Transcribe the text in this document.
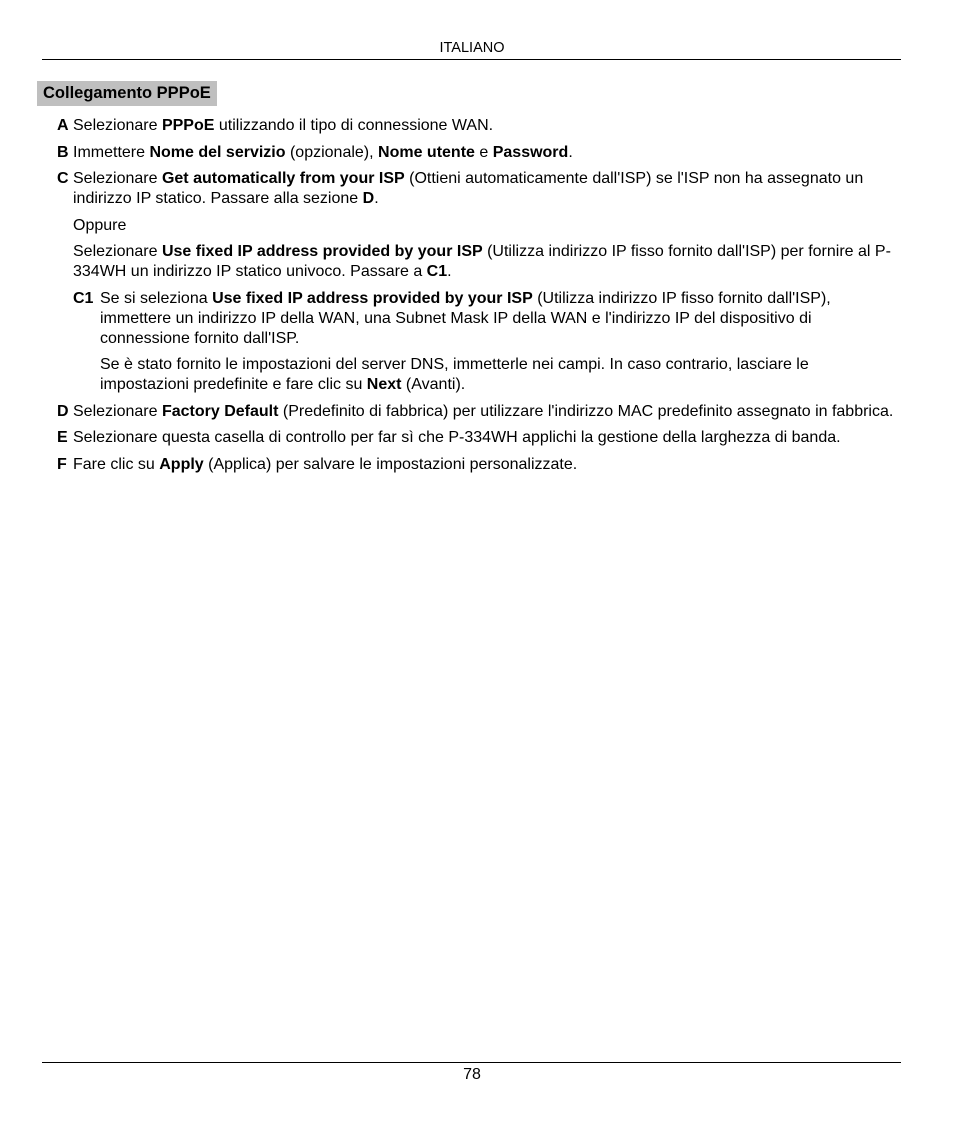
ITALIANO
Collegamento PPPoE
A Selezionare PPPoE utilizzando il tipo di connessione WAN.
B Immettere Nome del servizio (opzionale), Nome utente e Password.
C Selezionare Get automatically from your ISP (Ottieni automaticamente dall'ISP) se l'ISP non ha assegnato un indirizzo IP statico. Passare alla sezione D.
Oppure
Selezionare Use fixed IP address provided by your ISP (Utilizza indirizzo IP fisso fornito dall'ISP) per fornire al P-334WH un indirizzo IP statico univoco. Passare a C1.
C1 Se si seleziona Use fixed IP address provided by your ISP (Utilizza indirizzo IP fisso fornito dall'ISP), immettere un indirizzo IP della WAN, una Subnet Mask IP della WAN e l'indirizzo IP del dispositivo di connessione fornito dall'ISP.
Se è stato fornito le impostazioni del server DNS, immetterle nei campi. In caso contrario, lasciare le impostazioni predefinite e fare clic su Next (Avanti).
D Selezionare Factory Default (Predefinito di fabbrica) per utilizzare l'indirizzo MAC predefinito assegnato in fabbrica.
E Selezionare questa casella di controllo per far sì che P-334WH applichi la gestione della larghezza di banda.
F Fare clic su Apply (Applica) per salvare le impostazioni personalizzate.
78
